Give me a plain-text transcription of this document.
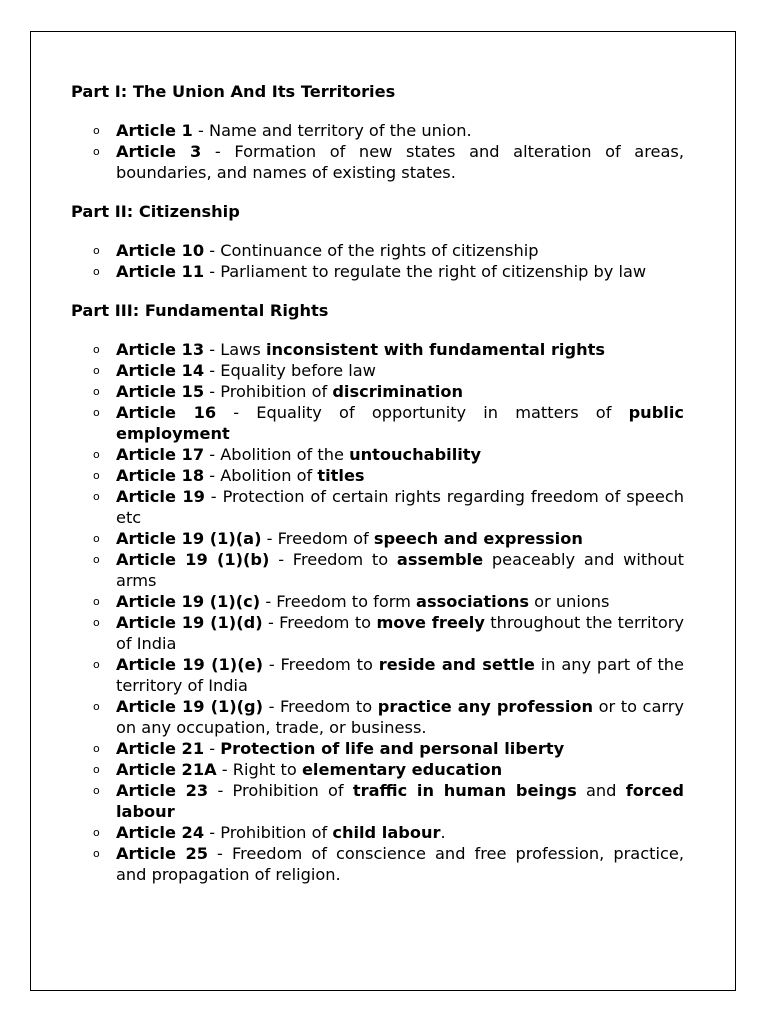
Part I: The Union And Its Territories
o Article 1 - Name and territory of the union.
o Article 3 - Formation of new states and alteration of areas, boundaries, and names of existing states.
Part II: Citizenship
o Article 10 - Continuance of the rights of citizenship
o Article 11 - Parliament to regulate the right of citizenship by law
Part III: Fundamental Rights
o Article 13 - Laws inconsistent with fundamental rights
o Article 14 - Equality before law
o Article 15 - Prohibition of discrimination
o Article 16 - Equality of opportunity in matters of public employment
o Article 17 - Abolition of the untouchability
o Article 18 - Abolition of titles
o Article 19 - Protection of certain rights regarding freedom of speech etc
o Article 19 (1)(a) - Freedom of speech and expression
o Article 19 (1)(b) - Freedom to assemble peaceably and without arms
o Article 19 (1)(c) - Freedom to form associations or unions
o Article 19 (1)(d) - Freedom to move freely throughout the territory of India
o Article 19 (1)(e) - Freedom to reside and settle in any part of the territory of India
o Article 19 (1)(g) - Freedom to practice any profession or to carry on any occupation, trade, or business.
o Article 21 - Protection of life and personal liberty
o Article 21A - Right to elementary education
o Article 23 - Prohibition of traffic in human beings and forced labour
o Article 24 - Prohibition of child labour.
o Article 25 - Freedom of conscience and free profession, practice, and propagation of religion.
